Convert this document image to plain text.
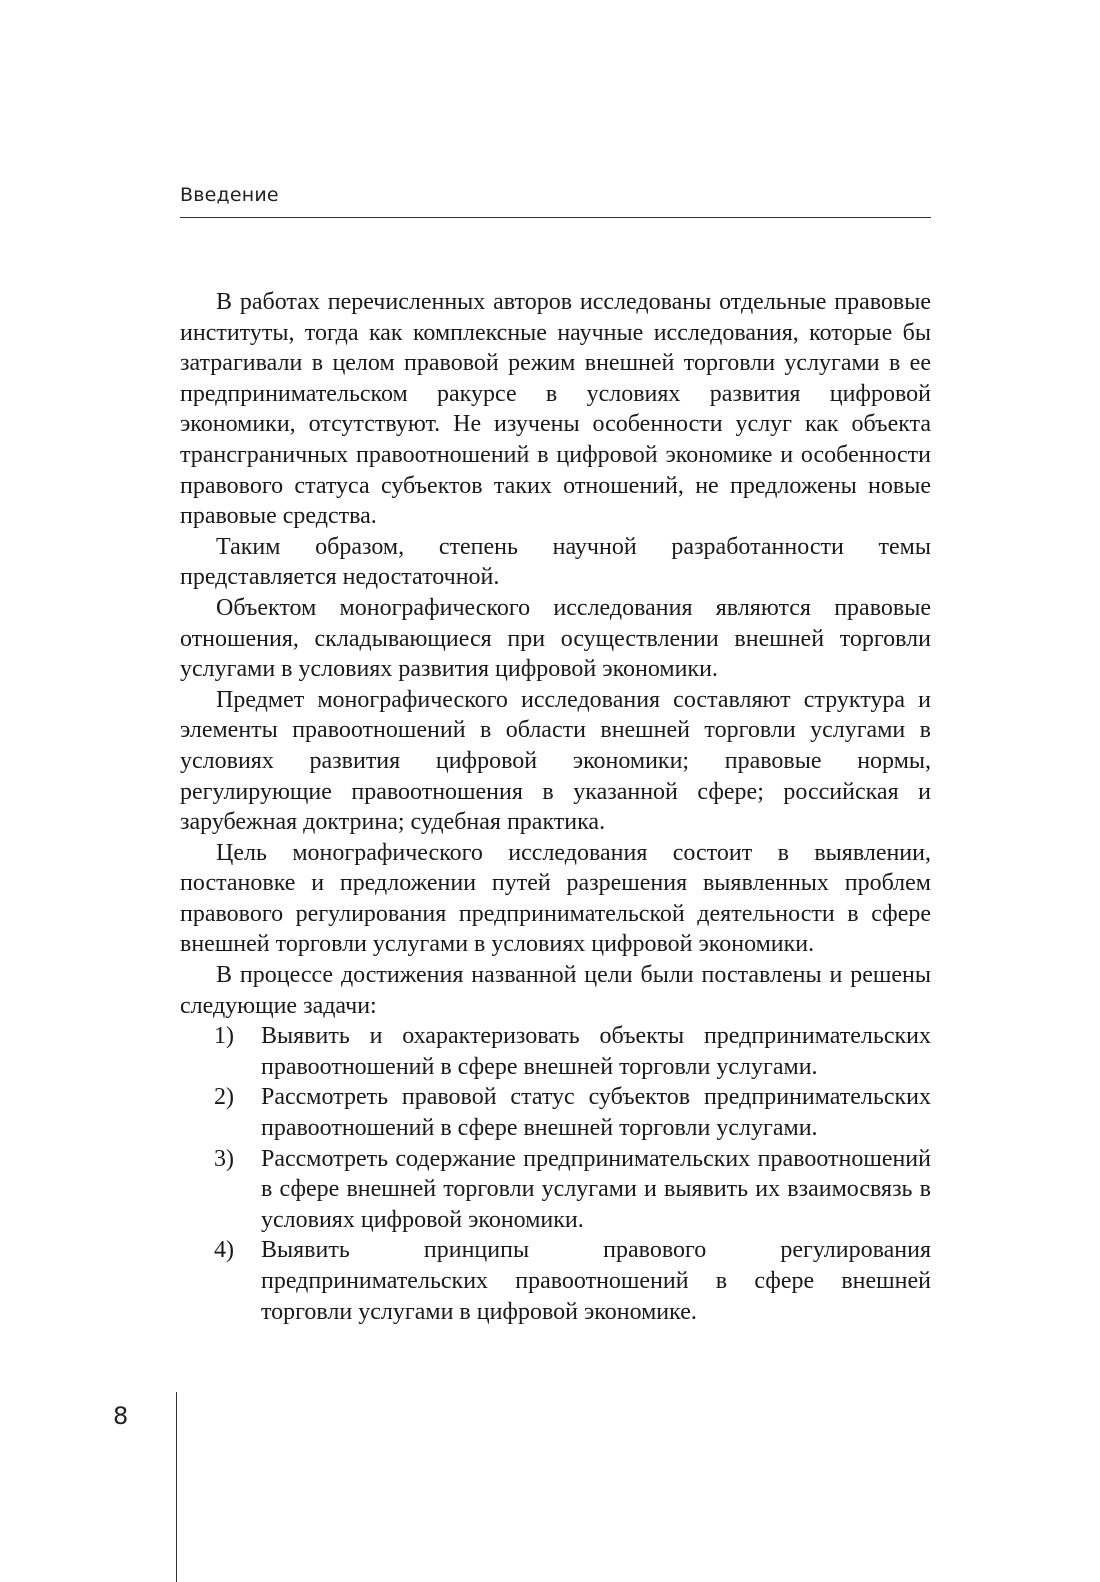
Введение

В работах перечисленных авторов исследованы отдельные правовые институты, тогда как комплексные научные исследования, которые бы затрагивали в целом правовой режим внешней торговли услугами в ее предпринимательском ракурсе в условиях развития цифровой экономики, отсутствуют. Не изучены особенности услуг как объекта трансграничных правоотношений в цифровой экономике и особенности правового статуса субъектов таких отношений, не предложены новые правовые средства.

Таким образом, степень научной разработанности темы представляется недостаточной.

Объектом монографического исследования являются правовые отношения, складывающиеся при осуществлении внешней торговли услугами в условиях развития цифровой экономики.

Предмет монографического исследования составляют структура и элементы правоотношений в области внешней торговли услугами в условиях развития цифровой экономики; правовые нормы, регулирующие правоотношения в указанной сфере; российская и зарубежная доктрина; судебная практика.

Цель монографического исследования состоит в выявлении, постановке и предложении путей разрешения выявленных проблем правового регулирования предпринимательской деятельности в сфере внешней торговли услугами в условиях цифровой экономики.

В процессе достижения названной цели были поставлены и решены следующие задачи:

1) Выявить и охарактеризовать объекты предпринимательских правоотношений в сфере внешней торговли услугами.
2) Рассмотреть правовой статус субъектов предпринимательских правоотношений в сфере внешней торговли услугами.
3) Рассмотреть содержание предпринимательских правоотношений в сфере внешней торговли услугами и выявить их взаимосвязь в условиях цифровой экономики.
4) Выявить принципы правового регулирования предпринимательских правоотношений в сфере внешней торговли услугами в цифровой экономике.
8
